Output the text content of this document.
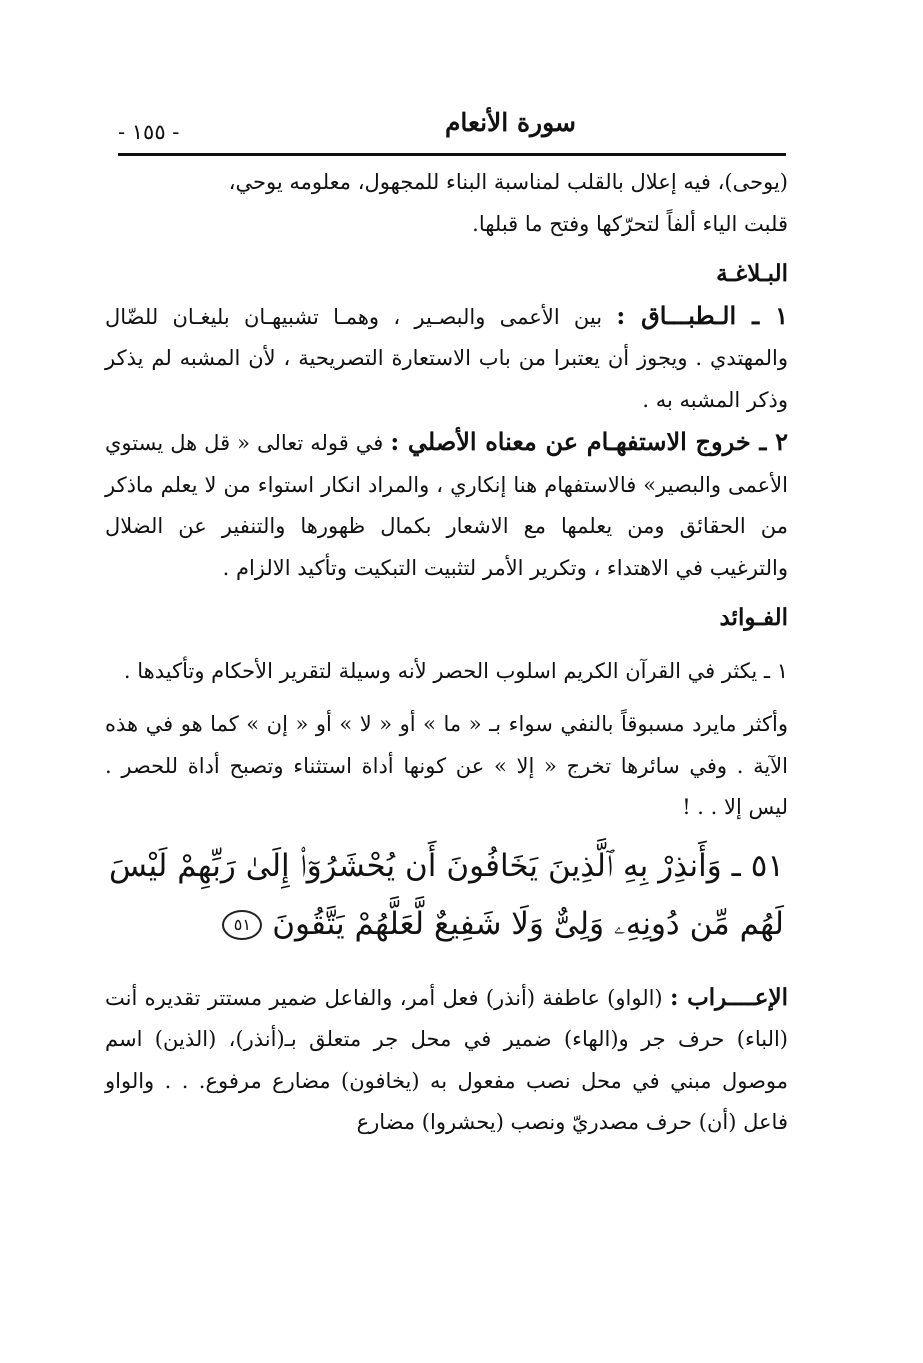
سورة الأنعام
- ١٥٥ -

(يوحى)، فيه إعلال بالقلب لمناسبة البناء للمجهول، معلومه يوحي،

قلبت الياء ألفاً لتحرّكها وفتح ما قبلها.

البـلاغـة

١ ـ الـطبـــاق : بين الأعمى والبصـير ، وهمـا تشبيهـان بليغـان للضّال والمهتدي . ويجوز أن يعتبرا من باب الاستعارة التصريحية ، لأن المشبه لم يذكر وذكر المشبه به .

٢ ـ خروج الاستفهـام عن معناه الأصلي : في قوله تعالى « قل هل يستوي الأعمى والبصير» فالاستفهام هنا إنكاري ، والمراد انكار استواء من لا يعلم ماذكر من الحقائق ومن يعلمها مع الاشعار بكمال ظهورها والتنفير عن الضلال والترغيب في الاهتداء ، وتكرير الأمر لتثبيت التبكيت وتأكيد الالزام .

الفـوائد

١ ـ يكثر في القرآن الكريم اسلوب الحصر لأنه وسيلة لتقرير الأحكام وتأكيدها .

وأكثر مايرد مسبوقاً بالنفي سواء بـ « ما » أو « لا » أو « إن » كما هو في هذه الآية . وفي سائرها تخرج « إلا » عن كونها أداة استثناء وتصبح أداة للحصر . ليس إلا . . !

٥١ ـ وَأَنذِرْ بِهِ ٱلَّذِينَ يَخَافُونَ أَن يُحْشَرُوٓا۟ إِلَىٰ رَبِّهِمْ لَيْسَ لَهُم مِّن دُونِهِۦ وَلِىٌّ وَلَا شَفِيعٌ لَّعَلَّهُمْ يَتَّقُونَ ٥١

الإعــــراب : (الواو) عاطفة (أنذر) فعل أمر، والفاعل ضمير مستتر تقديره أنت (الباء) حرف جر و(الهاء) ضمير في محل جر متعلق بـ(أنذر)، (الذين) اسم موصول مبني في محل نصب مفعول به (يخافون) مضارع مرفوع. . . والواو فاعل (أن) حرف مصدريّ ونصب (يحشروا) مضارع
